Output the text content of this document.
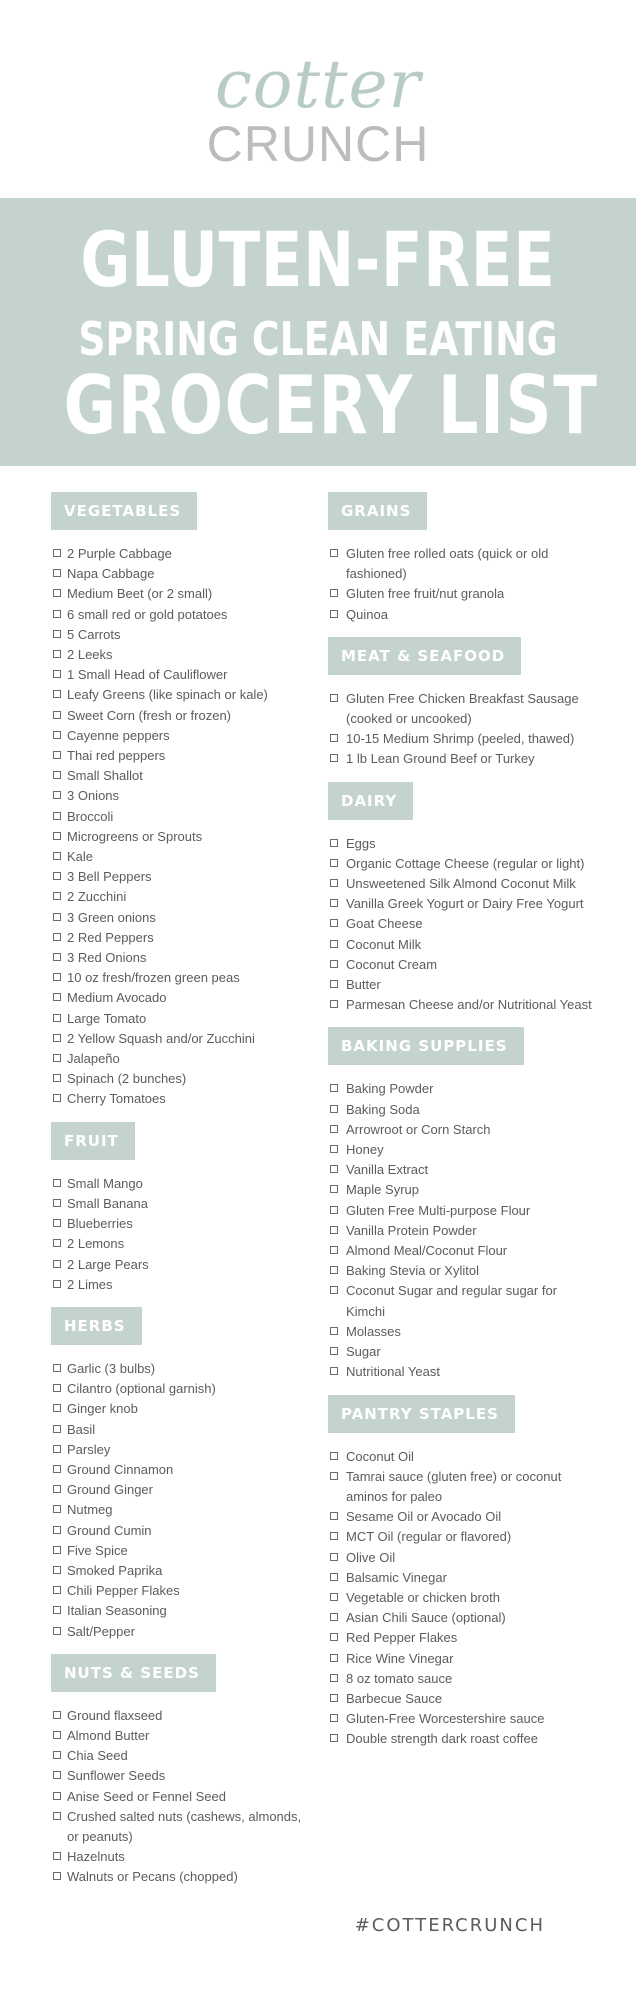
cotter
CRUNCH
GLUTEN-FREE
SPRING CLEAN EATING
GROCERY LIST
VEGETABLES
2 Purple Cabbage
Napa Cabbage
Medium Beet (or 2 small)
6 small red or gold potatoes
5 Carrots
2 Leeks
1 Small Head of Cauliflower
Leafy Greens (like spinach or kale)
Sweet Corn (fresh or frozen)
Cayenne peppers
Thai red peppers
Small Shallot
3 Onions
Broccoli
Microgreens or Sprouts
Kale
3 Bell Peppers
2 Zucchini
3 Green onions
2 Red Peppers
3 Red Onions
10 oz fresh/frozen green peas
Medium Avocado
Large Tomato
2 Yellow Squash and/or Zucchini
Jalapeño
Spinach (2 bunches)
Cherry Tomatoes
FRUIT
Small Mango
Small Banana
Blueberries
2 Lemons
2 Large Pears
2 Limes
HERBS
Garlic (3 bulbs)
Cilantro (optional garnish)
Ginger knob
Basil
Parsley
Ground Cinnamon
Ground Ginger
Nutmeg
Ground Cumin
Five Spice
Smoked Paprika
Chili Pepper Flakes
Italian Seasoning
Salt/Pepper
NUTS & SEEDS
Ground flaxseed
Almond Butter
Chia Seed
Sunflower Seeds
Anise Seed or Fennel Seed
Crushed salted nuts (cashews, almonds, or peanuts)
Hazelnuts
Walnuts or Pecans (chopped)
GRAINS
Gluten free rolled oats (quick or old fashioned)
Gluten free fruit/nut granola
Quinoa
MEAT & SEAFOOD
Gluten Free Chicken Breakfast Sausage (cooked or uncooked)
10-15 Medium Shrimp (peeled, thawed)
1 lb Lean Ground Beef or Turkey
DAIRY
Eggs
Organic Cottage Cheese (regular or light)
Unsweetened Silk Almond Coconut Milk
Vanilla Greek Yogurt or Dairy Free Yogurt
Goat Cheese
Coconut Milk
Coconut Cream
Butter
Parmesan Cheese and/or Nutritional Yeast
BAKING SUPPLIES
Baking Powder
Baking Soda
Arrowroot or Corn Starch
Honey
Vanilla Extract
Maple Syrup
Gluten Free Multi-purpose Flour
Vanilla Protein Powder
Almond Meal/Coconut Flour
Baking Stevia or Xylitol
Coconut Sugar and regular sugar for Kimchi
Molasses
Sugar
Nutritional Yeast
PANTRY STAPLES
Coconut Oil
Tamrai sauce (gluten free) or coconut aminos for paleo
Sesame Oil or Avocado Oil
MCT Oil (regular or flavored)
Olive Oil
Balsamic Vinegar
Vegetable or chicken broth
Asian Chili Sauce (optional)
Red Pepper Flakes
Rice Wine Vinegar
8 oz tomato sauce
Barbecue Sauce
Gluten-Free Worcestershire sauce
Double strength dark roast coffee
#COTTERCRUNCH
